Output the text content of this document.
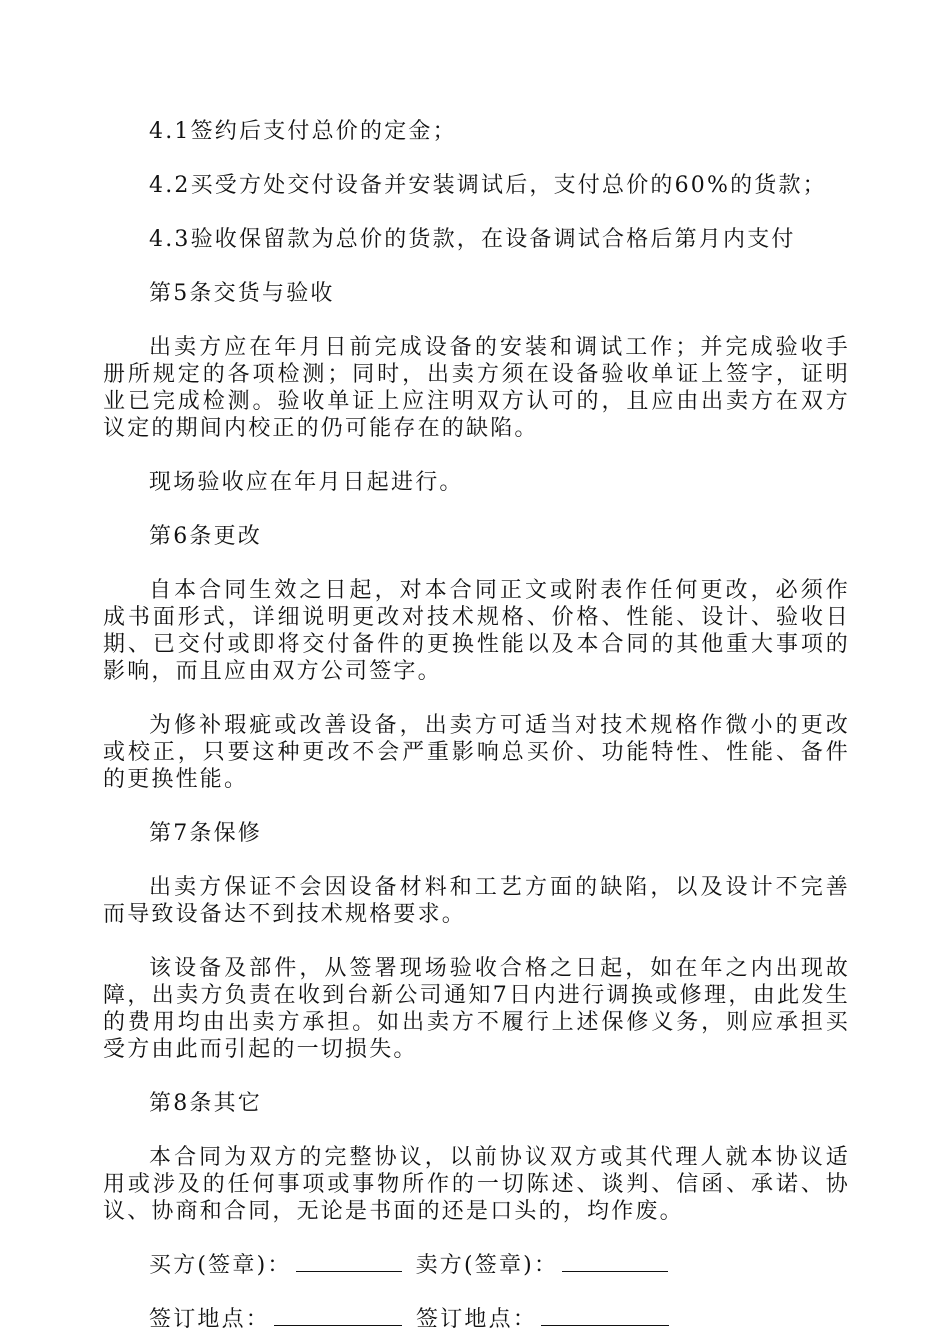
4.1签约后支付总价的定金；

4.2买受方处交付设备并安装调试后，支付总价的60%的货款；

4.3验收保留款为总价的货款，在设备调试合格后第月内支付

第5条交货与验收

出卖方应在年月日前完成设备的安装和调试工作；并完成验收手册所规定的各项检测；同时，出卖方须在设备验收单证上签字，证明业已完成检测。验收单证上应注明双方认可的，且应由出卖方在双方议定的期间内校正的仍可能存在的缺陷。

现场验收应在年月日起进行。

第6条更改

自本合同生效之日起，对本合同正文或附表作任何更改，必须作成书面形式，详细说明更改对技术规格、价格、性能、设计、验收日期、已交付或即将交付备件的更换性能以及本合同的其他重大事项的影响，而且应由双方公司签字。

为修补瑕疵或改善设备，出卖方可适当对技术规格作微小的更改或校正，只要这种更改不会严重影响总买价、功能特性、性能、备件的更换性能。

第7条保修

出卖方保证不会因设备材料和工艺方面的缺陷，以及设计不完善而导致设备达不到技术规格要求。

该设备及部件，从签署现场验收合格之日起，如在年之内出现故障，出卖方负责在收到台新公司通知7日内进行调换或修理，由此发生的费用均由出卖方承担。如出卖方不履行上述保修义务，则应承担买受方由此而引起的一切损失。

第8条其它

本合同为双方的完整协议，以前协议双方或其代理人就本协议适用或涉及的任何事项或事物所作的一切陈述、谈判、信函、承诺、协议、协商和合同，无论是书面的还是口头的，均作废。

买方(签章)：	卖方(签章)：
签订地点：	签订地点：
